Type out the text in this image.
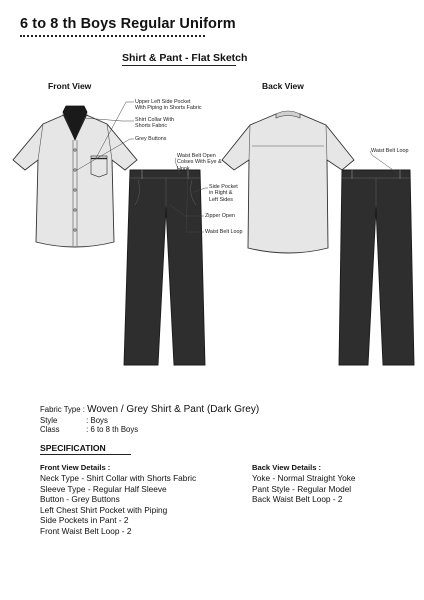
6 to 8 th Boys Regular Uniform
Shirt & Pant - Flat Sketch
Front View	Back View
Upper Left Side Pocket
With Piping in Shorts Fabric
Shirt Collar With
Shorts Fabric
Grey Buttons
Waist Belt Open
Colses With Eye &
Hook
Side Pocket
in Right &
Left Sides
Zipper Open
Waist Belt Loop
Waist Belt Loop
Fabric Type : Woven / Grey Shirt & Pant (Dark Grey)
Style	: Boys
Class	: 6 to 8 th Boys
SPECIFICATION
Front View Details :
Neck Type - Shirt Collar with Shorts Fabric
Sleeve Type - Regular Half Sleeve
Button - Grey Buttons
Left Chest Shirt Pocket with Piping
Side Pockets in Pant - 2
Front Waist Belt Loop - 2
Back View Details :
Yoke - Normal Straight Yoke
Pant Style - Regular Model
Back Waist Belt Loop - 2
